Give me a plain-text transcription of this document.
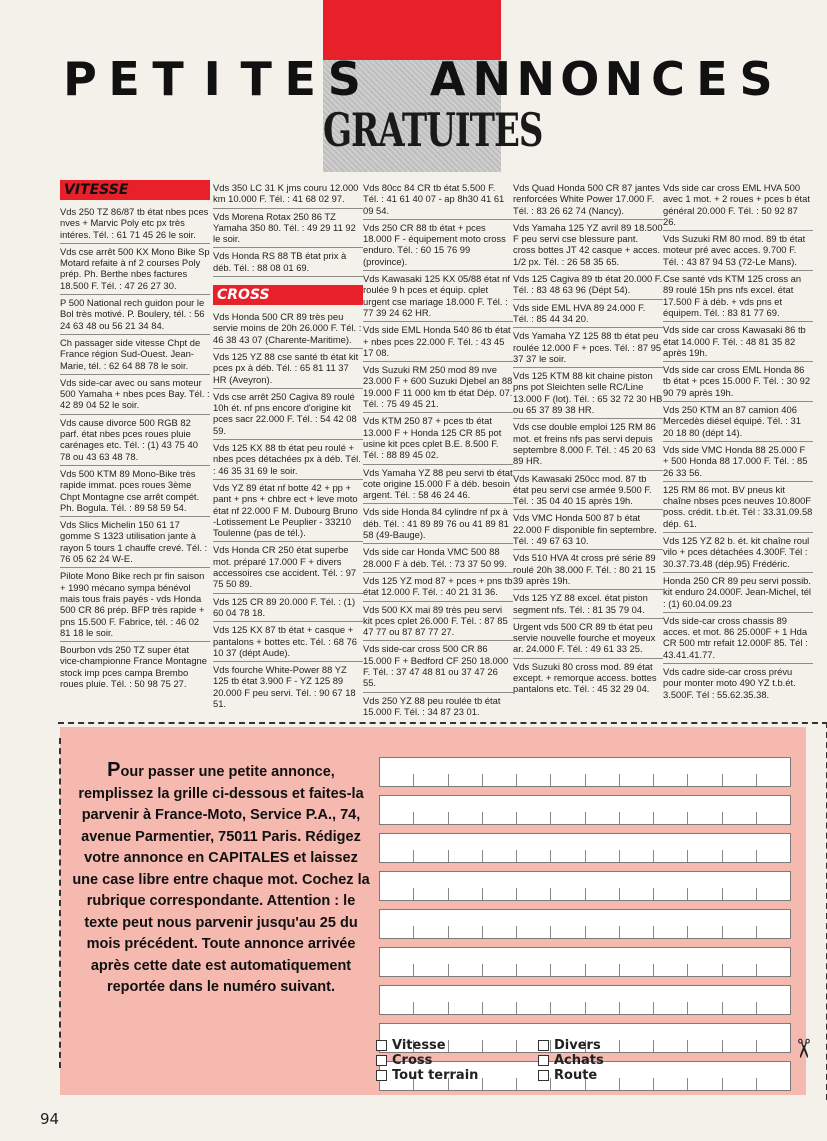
P E T I T E S A N N O N C E S
GRATUITES
VITESSE
Vds 250 TZ 86/87 tb état nbes pces nves + Marvic Poly etc px très intéres. Tél. : 61 71 45 26 le soir.
Vds cse arrêt 500 KX Mono Bike Sp Motard refaite à nf 2 courses Poly prép. Ph. Berthe nbes factures 18.500 F. Tél. : 47 26 27 30.
P 500 National rech guidon pour le Bol très motivé. P. Boulery, tél. : 56 24 63 48 ou 56 21 34 84.
Ch passager side vitesse Chpt de France région Sud-Ouest. Jean-Marie, tél. : 62 64 88 78 le soir.
Vds side-car avec ou sans moteur 500 Yamaha + nbes pces Bay. Tél. : 42 89 04 52 le soir.
Vds cause divorce 500 RGB 82 parf. état nbes pces roues pluie carénages etc. Tél. : (1) 43 75 40 78 ou 43 63 48 78.
Vds 500 KTM 89 Mono-Bike très rapide immat. pces roues 3ème Chpt Montagne cse arrêt compét. Ph. Bogula. Tél. : 89 58 59 54.
Vds Slics Michelin 150 61 17 gomme S 1323 utilisation jante à rayon 5 tours 1 chauffe crevé. Tél. : 76 05 62 24 W-E.
Pilote Mono Bike rech pr fin saison + 1990 mécano sympa bénévol mais tous frais payés - vds Honda 500 CR 86 prép. BFP très rapide + pns 15.500 F. Fabrice, tél. : 46 02 81 18 le soir.
Bourbon vds 250 TZ super état vice-championne France Montagne stock imp pces campa Brembo roues pluie. Tél. : 50 98 75 27.
Vds 350 LC 31 K jms couru 12.000 km 10.000 F. Tél. : 41 68 02 97.
Vds Morena Rotax 250 86 TZ Yamaha 350 80. Tél. : 49 29 11 92 le soir.
Vds Honda RS 88 TB état prix à déb. Tél. : 88 08 01 69.
CROSS
Vds Honda 500 CR 89 très peu servie moins de 20h 26.000 F. Tél. : 46 38 43 07 (Charente-Maritime).
Vds 125 YZ 88 cse santé tb état kit pces px à déb. Tél. : 65 81 11 37 HR (Aveyron).
Vds cse arrêt 250 Cagiva 89 roulé 10h ét. nf pns encore d'origine kit pces sacr 22.000 F. Tél. : 54 42 08 59.
Vds 125 KX 88 tb état peu roulé + nbes pces détachées px à déb. Tél. : 46 35 31 69 le soir.
Vds YZ 89 état nf botte 42 + pp + pant + pns + chbre ect + leve moto état nf 22.000 F M. Dubourg Bruno -Lotissement Le Peuplier - 33210 Toulenne (pas de tél.).
Vds Honda CR 250 état superbe mot. préparé 17.000 F + divers accessoires cse accident. Tél. : 97 75 50 89.
Vds 125 CR 89 20.000 F. Tél. : (1) 60 04 78 18.
Vds 125 KX 87 tb état + casque + pantalons + bottes etc. Tél. : 68 76 10 37 (dépt Aude).
Vds fourche White-Power 88 YZ 125 tb état 3.900 F - YZ 125 89 20.000 F peu servi. Tél. : 90 67 18 51.
Vds 80cc 84 CR tb état 5.500 F. Tél. : 41 61 40 07 - ap 8h30 41 61 09 54.
Vds 250 CR 88 tb état + pces 18.000 F - équipement moto cross enduro. Tél. : 60 15 76 99 (province).
Vds Kawasaki 125 KX 05/88 état nf roulée 9 h pces et équip. cplet urgent cse mariage 18.000 F. Tél. : 77 39 24 62 HR.
Vds side EML Honda 540 86 tb état + nbes pces 22.000 F. Tél. : 43 45 17 08.
Vds Suzuki RM 250 mod 89 nve 23.000 F + 600 Suzuki Djebel an 88 19.000 F 11 000 km tb état Dép. 07. Tél. : 75 49 45 21.
Vds KTM 250 87 + pces tb état 13.000 F + Honda 125 CR 85 pot usine kit pces cplet B.E. 8.500 F. Tél. : 88 89 45 02.
Vds Yamaha YZ 88 peu servi tb état cote origine 15.000 F à déb. besoin argent. Tél. : 58 46 24 46.
Vds side Honda 84 cylindre nf px à déb. Tél. : 41 89 89 76 ou 41 89 81 58 (49-Bauge).
Vds side car Honda VMC 500 88 28.000 F à déb. Tél. : 73 37 50 99.
Vds 125 YZ mod 87 + pces + pns tb état 12.000 F. Tél. : 40 21 31 36.
Vds 500 KX mai 89 très peu servi kit pces cplet 26.000 F. Tél. : 87 85 47 77 ou 87 87 77 27.
Vds side-car cross 500 CR 86 15.000 F + Bedford CF 250 18.000 F. Tél. : 37 47 48 81 ou 37 47 26 55.
Vds 250 YZ 88 peu roulée tb état 15.000 F. Tél. : 34 87 23 01.
Vds Quad Honda 500 CR 87 jantes renforcées White Power 17.000 F. Tél. : 83 26 62 74 (Nancy).
Vds Yamaha 125 YZ avril 89 18.500 F peu servi cse blessure pant. cross bottes JT 42 casque + acces. 1/2 px. Tél. : 26 58 35 65.
Vds 125 Cagiva 89 tb état 20.000 F. Tél. : 83 48 63 96 (Dépt 54).
Vds side EML HVA 89 24.000 F. Tél. : 85 44 34 20.
Vds Yamaha YZ 125 88 tb état peu roulée 12.000 F + pces. Tél. : 87 95 37 37 le soir.
Vds 125 KTM 88 kit chaine piston pns pot Sleichten selle RC/Line 13.000 F (lot). Tél. : 65 32 72 30 HB ou 65 37 89 38 HR.
Vds cse double emploi 125 RM 86 mot. et freins nfs pas servi depuis septembre 8.000 F. Tél. : 45 20 63 89 HR.
Vds Kawasaki 250cc mod. 87 tb état peu servi cse armée 9.500 F. Tél. : 35 04 40 15 après 19h.
Vds VMC Honda 500 87 b état 22.000 F disponible fin septembre. Tél. : 49 67 63 10.
Vds 510 HVA 4t cross pré série 89 roulé 20h 38.000 F. Tél. : 80 21 15 39 après 19h.
Vds 125 YZ 88 excel. état piston segment nfs. Tél. : 81 35 79 04.
Urgent vds 500 CR 89 tb état peu servie nouvelle fourche et moyeux ar. 24.000 F. Tél. : 49 61 33 25.
Vds Suzuki 80 cross mod. 89 état except. + remorque access. bottes pantalons etc. Tél. : 45 32 29 04.
Vds side car cross EML HVA 500 avec 1 mot. + 2 roues + pces b état général 20.000 F. Tél. : 50 92 87 26.
Vds Suzuki RM 80 mod. 89 tb état moteur pré avec acces. 9.700 F. Tél. : 43 87 94 53 (72-Le Mans).
Cse santé vds KTM 125 cross an 89 roulé 15h pns nfs excel. état 17.500 F à déb. + vds pns et équipem. Tél. : 83 81 77 69.
Vds side car cross Kawasaki 86 tb état 14.000 F. Tél. : 48 81 35 82 après 19h.
Vds side car cross EML Honda 86 tb état + pces 15.000 F. Tél. : 30 92 90 79 après 19h.
Vds 250 KTM an 87 camion 406 Mercedès diésel équipé. Tél. : 31 20 18 80 (dépt 14).
Vds side VMC Honda 88 25.000 F + 500 Honda 88 17.000 F. Tél. : 85 26 33 56.
125 RM 86 mot. BV pneus kit chaîne nbses pces neuves 10.800F poss. crédit. t.b.ét. Tél : 33.31.09.58 dép. 61.
Vds 125 YZ 82 b. ét. kit chaîne roul vilo + pces détachées 4.300F. Tél : 30.37.73.48 (dép.95) Frédéric.
Honda 250 CR 89 peu servi possib. kit enduro 24.000F. Jean-Michel, tél : (1) 60.04.09.23
Vds side-car cross chassis 89 acces. et mot. 86 25.000F + 1 Hda CR 500 mtr refait 12.000F 85. Tél : 43.41.41.77.
Vds cadre side-car cross prévu pour monter moto 490 YZ t.b.ét. 3.500F. Tél : 55.62.35.38.
Pour passer une petite annonce, remplissez la grille ci-dessous et faites-la parvenir à France-Moto, Service P.A., 74, avenue Parmentier, 75011 Paris. Rédigez votre annonce en CAPITALES et laissez une case libre entre chaque mot. Cochez la rubrique correspondante. Attention : le texte peut nous parvenir jusqu'au 25 du mois précédent. Toute annonce arrivée après cette date est automatiquement reportée dans le numéro suivant.
Vitesse
Cross
Tout terrain
Divers
Achats
Route
✂
94
